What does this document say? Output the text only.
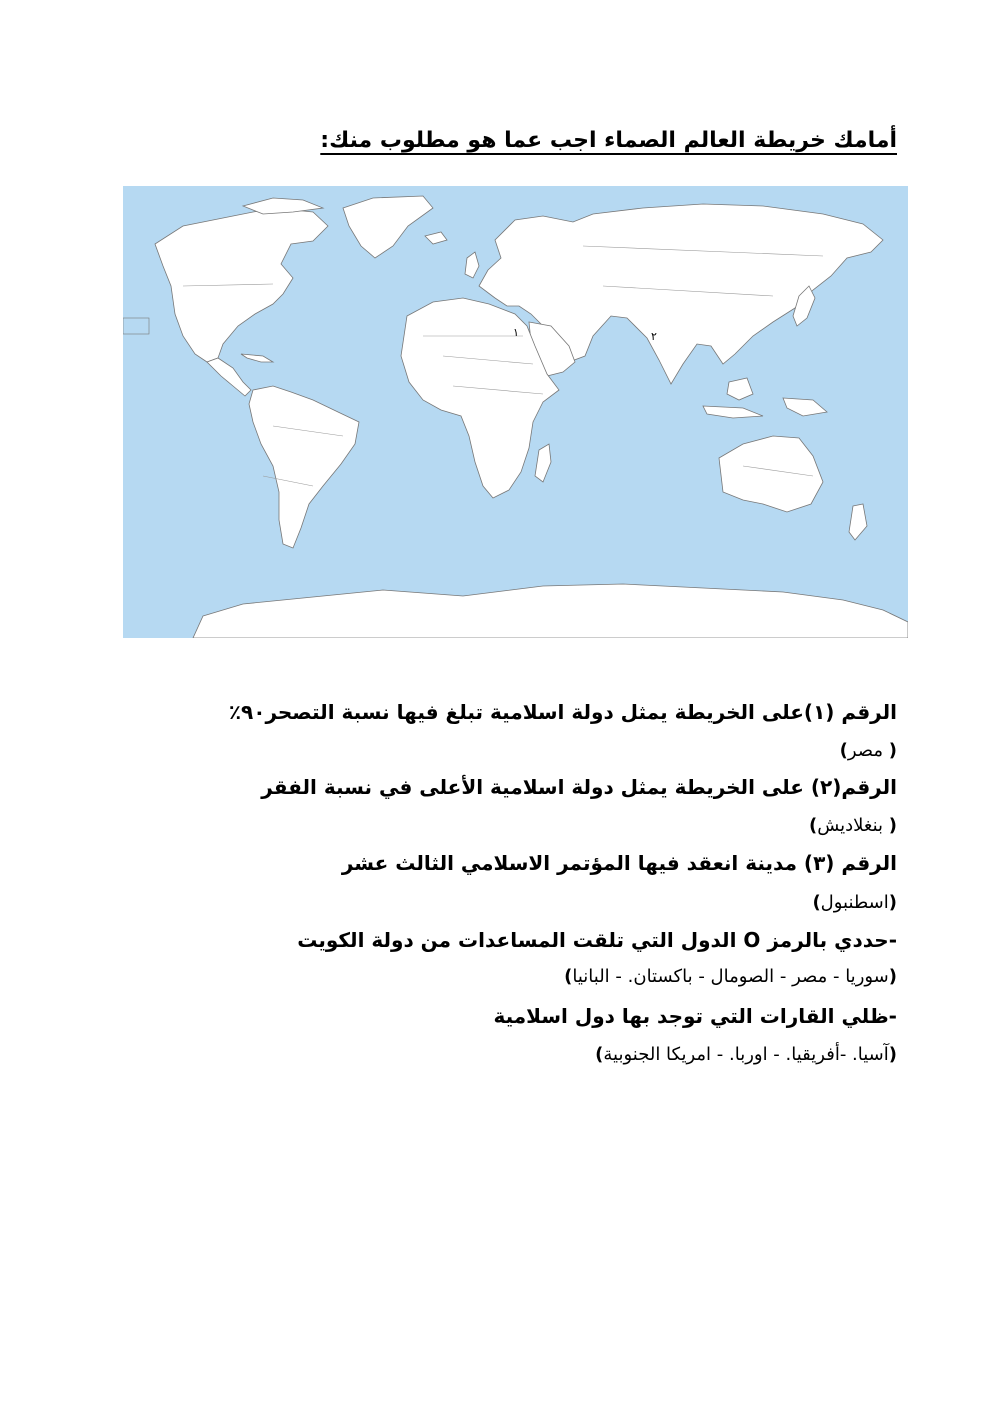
أمامك خريطة العالم الصماء اجب عما هو مطلوب منك:
١	٢
الرقم (١)على الخريطة يمثل دولة اسلامية تبلغ فيها نسبة التصحر٩٠٪
( مصر)
الرقم(٢) على الخريطة يمثل دولة اسلامية الأعلى في نسبة الفقر
( بنغلاديش)
الرقم (٣) مدينة انعقد فيها المؤتمر الاسلامي الثالث عشر
(اسطنبول)
-حددي بالرمز O الدول التي تلقت المساعدات من دولة الكويت
(سوريا - مصر - الصومال - باكستان. - البانيا)
-ظلي القارات التي توجد بها دول اسلامية
(آسيا. -أفريقيا. - اوربا. - امريكا الجنوبية)
